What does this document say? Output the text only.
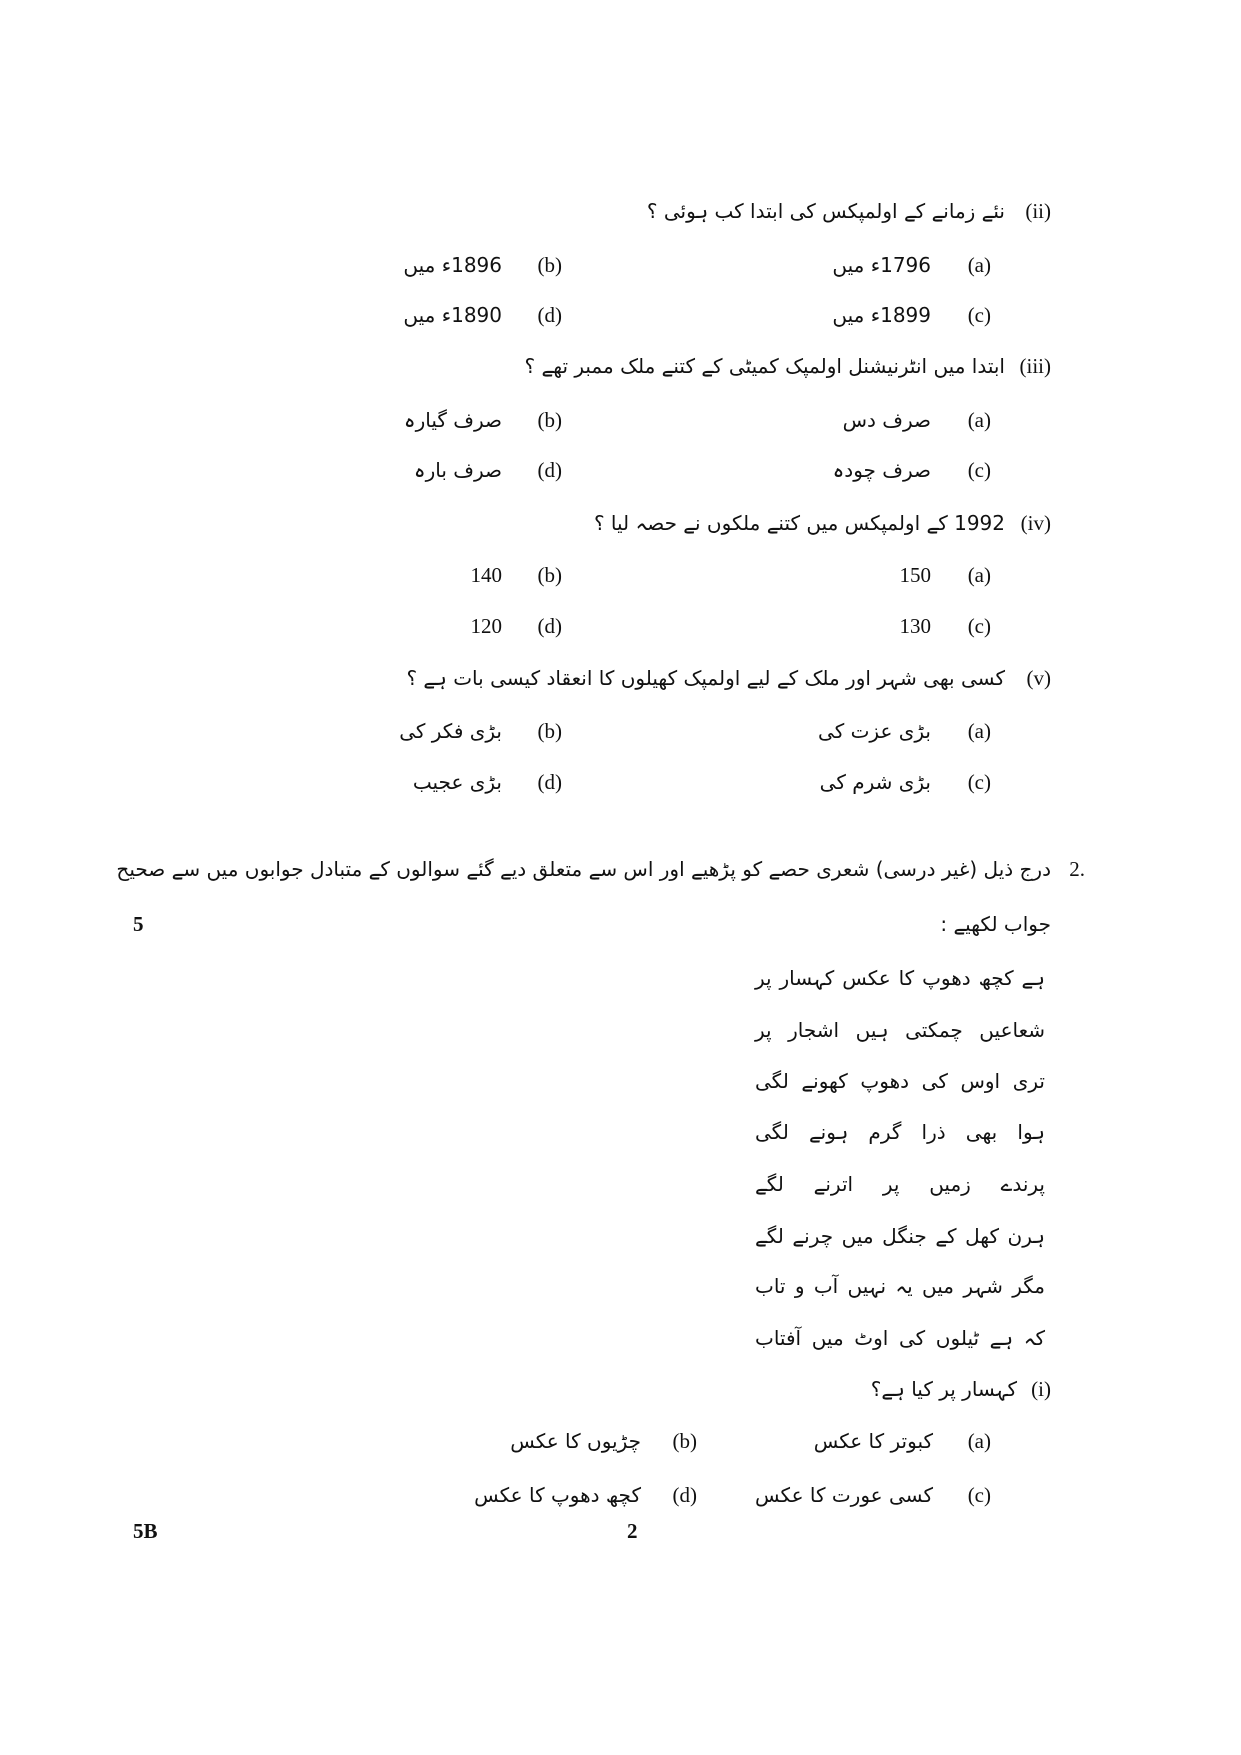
(ii)
نئے زمانے کے اولمپکس کی ابتدا کب ہوئی ؟
(a)
1796ء میں
(b)
1896ء میں
(c)
1899ء میں
(d)
1890ء میں
(iii)
ابتدا میں انٹرنیشنل اولمپک کمیٹی کے کتنے ملک ممبر تھے ؟
(a)
صرف دس
(b)
صرف گیارہ
(c)
صرف چودہ
(d)
صرف بارہ
(iv)
1992 کے اولمپکس میں کتنے ملکوں نے حصہ لیا ؟
(a)
150
(b)
140
(c)
130
(d)
120
(v)
کسی بھی شہر اور ملک کے لیے اولمپک کھیلوں کا انعقاد کیسی بات ہے ؟
(a)
بڑی عزت کی
(b)
بڑی فکر کی
(c)
بڑی شرم کی
(d)
بڑی عجیب
2.
درج ذیل (غیر درسی) شعری حصے کو پڑھیے اور اس سے متعلق دیے گئے سوالوں کے متبادل جوابوں میں سے صحیح
جواب لکھیے :
5
ہے کچھ دھوپ کا عکس کہسار پر
شعاعیں چمکتی ہیں اشجار پر
تری اوس کی دھوپ کھونے لگی
ہوا بھی ذرا گرم ہونے لگی
پرندے زمیں پر اترنے لگے
ہرن کھل کے جنگل میں چرنے لگے
مگر شہر میں یہ نہیں آب و تاب
کہ ہے ٹیلوں کی اوٹ میں آفتاب
(i)
کہسار پر کیا ہے؟
(a)
کبوتر کا عکس
(b)
چڑیوں کا عکس
(c)
کسی عورت کا عکس
(d)
کچھ دھوپ کا عکس
5B	2
